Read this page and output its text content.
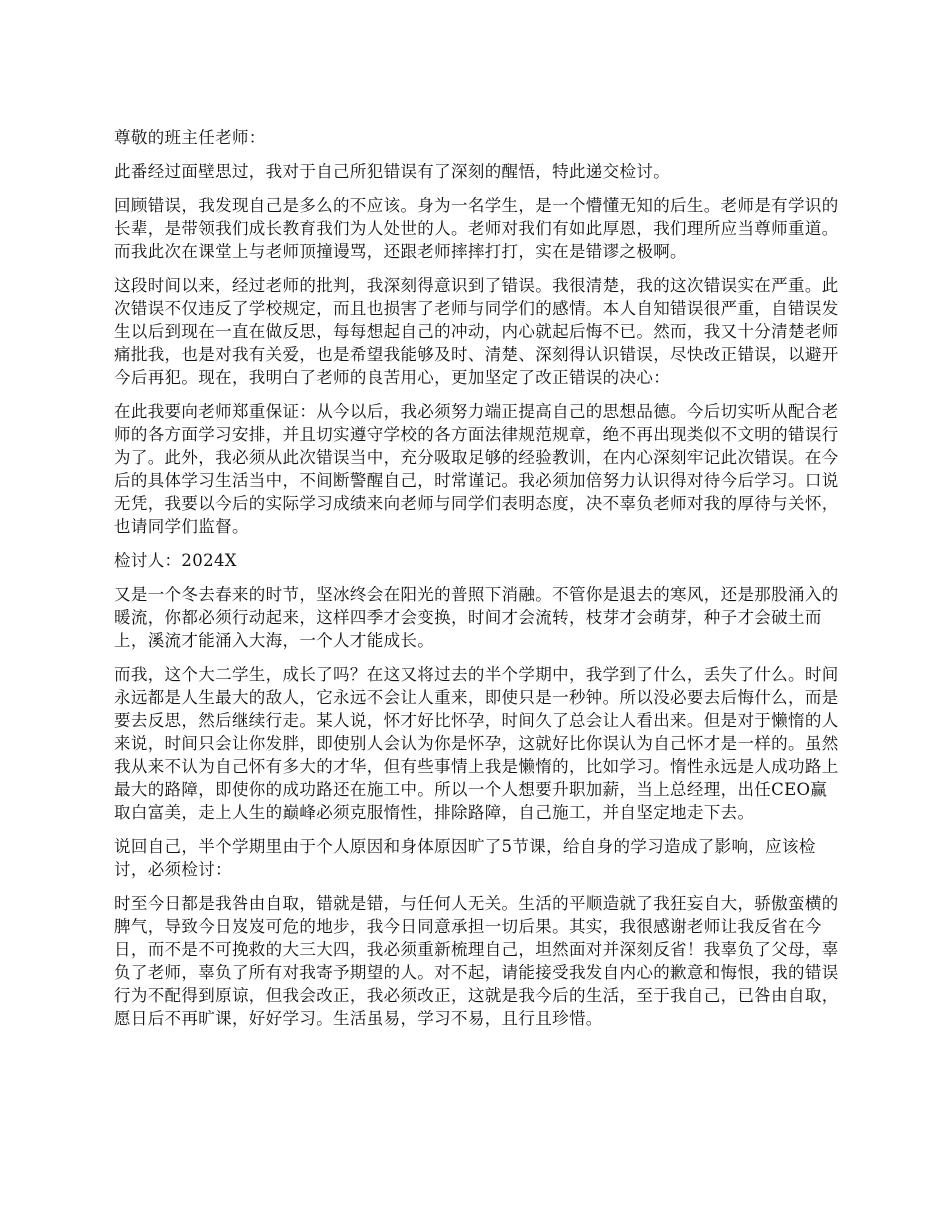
尊敬的班主任老师：

此番经过面壁思过，我对于自己所犯错误有了深刻的醒悟，特此递交检讨。

回顾错误，我发现自己是多么的不应该。身为一名学生，是一个懵懂无知的后生。老师是有学识的长辈，是带领我们成长教育我们为人处世的人。老师对我们有如此厚恩，我们理所应当尊师重道。而我此次在课堂上与老师顶撞谩骂，还跟老师摔摔打打，实在是错谬之极啊。

这段时间以来，经过老师的批判，我深刻得意识到了错误。我很清楚，我的这次错误实在严重。此次错误不仅违反了学校规定，而且也损害了老师与同学们的感情。本人自知错误很严重，自错误发生以后到现在一直在做反思，每每想起自己的冲动，内心就起后悔不已。然而，我又十分清楚老师痛批我，也是对我有关爱，也是希望我能够及时、清楚、深刻得认识错误，尽快改正错误，以避开今后再犯。现在，我明白了老师的良苦用心，更加坚定了改正错误的决心：

在此我要向老师郑重保证：从今以后，我必须努力端正提高自己的思想品德。今后切实听从配合老师的各方面学习安排，并且切实遵守学校的各方面法律规范规章，绝不再出现类似不文明的错误行为了。此外，我必须从此次错误当中，充分吸取足够的经验教训，在内心深刻牢记此次错误。在今后的具体学习生活当中，不间断警醒自己，时常谨记。我必须加倍努力认识得对待今后学习。口说无凭，我要以今后的实际学习成绩来向老师与同学们表明态度，决不辜负老师对我的厚待与关怀，也请同学们监督。

检讨人：2024X

又是一个冬去春来的时节，坚冰终会在阳光的普照下消融。不管你是退去的寒风，还是那股涌入的暖流，你都必须行动起来，这样四季才会变换，时间才会流转，枝芽才会萌芽，种子才会破土而上，溪流才能涌入大海，一个人才能成长。

而我，这个大二学生，成长了吗？在这又将过去的半个学期中，我学到了什么，丢失了什么。时间永远都是人生最大的敌人，它永远不会让人重来，即使只是一秒钟。所以没必要去后悔什么，而是要去反思，然后继续行走。某人说，怀才好比怀孕，时间久了总会让人看出来。但是对于懒惰的人来说，时间只会让你发胖，即使别人会认为你是怀孕，这就好比你误认为自己怀才是一样的。虽然我从来不认为自己怀有多大的才华，但有些事情上我是懒惰的，比如学习。惰性永远是人成功路上最大的路障，即使你的成功路还在施工中。所以一个人想要升职加薪，当上总经理，出任CEO赢取白富美，走上人生的巅峰必须克服惰性，排除路障，自己施工，并自坚定地走下去。

说回自己，半个学期里由于个人原因和身体原因旷了5节课，给自身的学习造成了影响，应该检讨，必须检讨：

时至今日都是我咎由自取，错就是错，与任何人无关。生活的平顺造就了我狂妄自大，骄傲蛮横的脾气，导致今日岌岌可危的地步，我今日同意承担一切后果。其实，我很感谢老师让我反省在今日，而不是不可挽救的大三大四，我必须重新梳理自己，坦然面对并深刻反省！我辜负了父母，辜负了老师，辜负了所有对我寄予期望的人。对不起，请能接受我发自内心的歉意和悔恨，我的错误行为不配得到原谅，但我会改正，我必须改正，这就是我今后的生活，至于我自己，已咎由自取，愿日后不再旷课，好好学习。生活虽易，学习不易，且行且珍惜。
